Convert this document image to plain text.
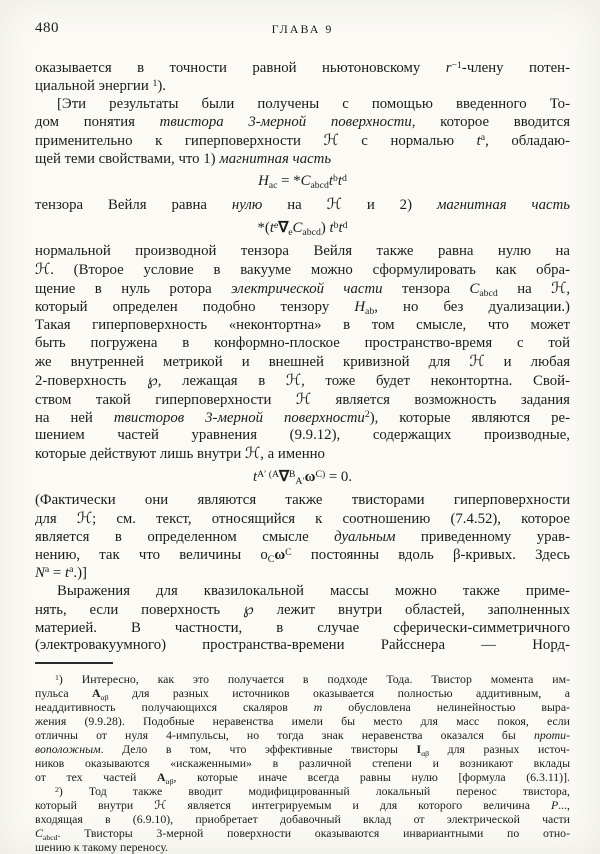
480	ГЛАВА 9
оказывается в точности равной ньютоновскому $r^{-1}$-члену потен-
циальной энергии $^1$).
[Эти результаты были получены с помощью введенного То-
дом понятия твистора 3-мерной поверхности, которое вводится
применительно к гиперповерхности ℋ с нормалью $t^a$, обладаю-
щей теми свойствами, что 1) магнитная часть
$H_{ac} = *C_{abcd}t^bt^d$
тензора Вейля равна нулю на ℋ и 2) магнитная часть
$*(t^e\nabla_eC_{abcd})$ $t^bt^d$
нормальной производной тензора Вейля также равна нулю на
ℋ. (Второе условие в вакууме можно сформулировать как обра-
щение в нуль ротора электрической части тензора $C_{abcd}$ на ℋ,
который определен подобно тензору $H_{ab}$, но без дуализации.)
Такая гиперповерхность «неконтортна» в том смысле, что может
быть погружена в конформно-плоское пространство-время с той
же внутренней метрикой и внешней кривизной для ℋ и любая
2-поверхность ℘, лежащая в ℋ, тоже будет неконтортна. Свой-
ством такой гиперповерхности ℋ является возможность задания
на ней твисторов 3-мерной поверхности$^2$), которые являются ре-
шением частей уравнения (9.9.12), содержащих производные,
которые действуют лишь внутри ℋ, а именно
$t^{A' (A}\nabla^B_{A'}\omega^{C)} = 0$.
(Фактически они являются также твисторами гиперповерхности
для ℋ; см. текст, относящийся к соотношению (7.4.52), которое
является в определенном смысле дуальным приведенному урав-
нению, так что величины $o_C\omega^C$ постоянны вдоль β-кривых. Здесь
$N^a = t^a$.)]
Выражения для квазилокальной массы можно также приме-
нять, если поверхность ℘ лежит внутри областей, заполненных
материей. В частности, в случае сферически-симметричного
(электровакуумного) пространства-времени Райсснера — Норд-
$^1$) Интересно, как это получается в подходе Тода. Твистор момента им-
пульса $A_{\alpha\beta}$ для разных источников оказывается полностью аддитивным, а
неаддитивность получающихся скаляров m обусловлена нелинейностью выра-
жения (9.9.28). Подобные неравенства имели бы место для масс покоя, если
отличны от нуля 4-импульсы, но тогда знак неравенства оказался бы проти-
воположным. Дело в том, что эффективные твисторы $I_{\alpha\beta}$ для разных источ-
ников оказываются «искаженными» в различной степени и возникают вклады
от тех частей $A_{\alpha\beta}$, которые иначе всегда равны нулю [формула (6.3.11)].
$^2$) Тод также вводит модифицированный локальный перенос твистора,
который внутри ℋ является интегрируемым и для которого величина P...,
входящая в (6.9.10), приобретает добавочный вклад от электрической части
$C_{abcd}$. Твисторы 3-мерной поверхности оказываются инвариантными по отно-
шению к такому переносу.
